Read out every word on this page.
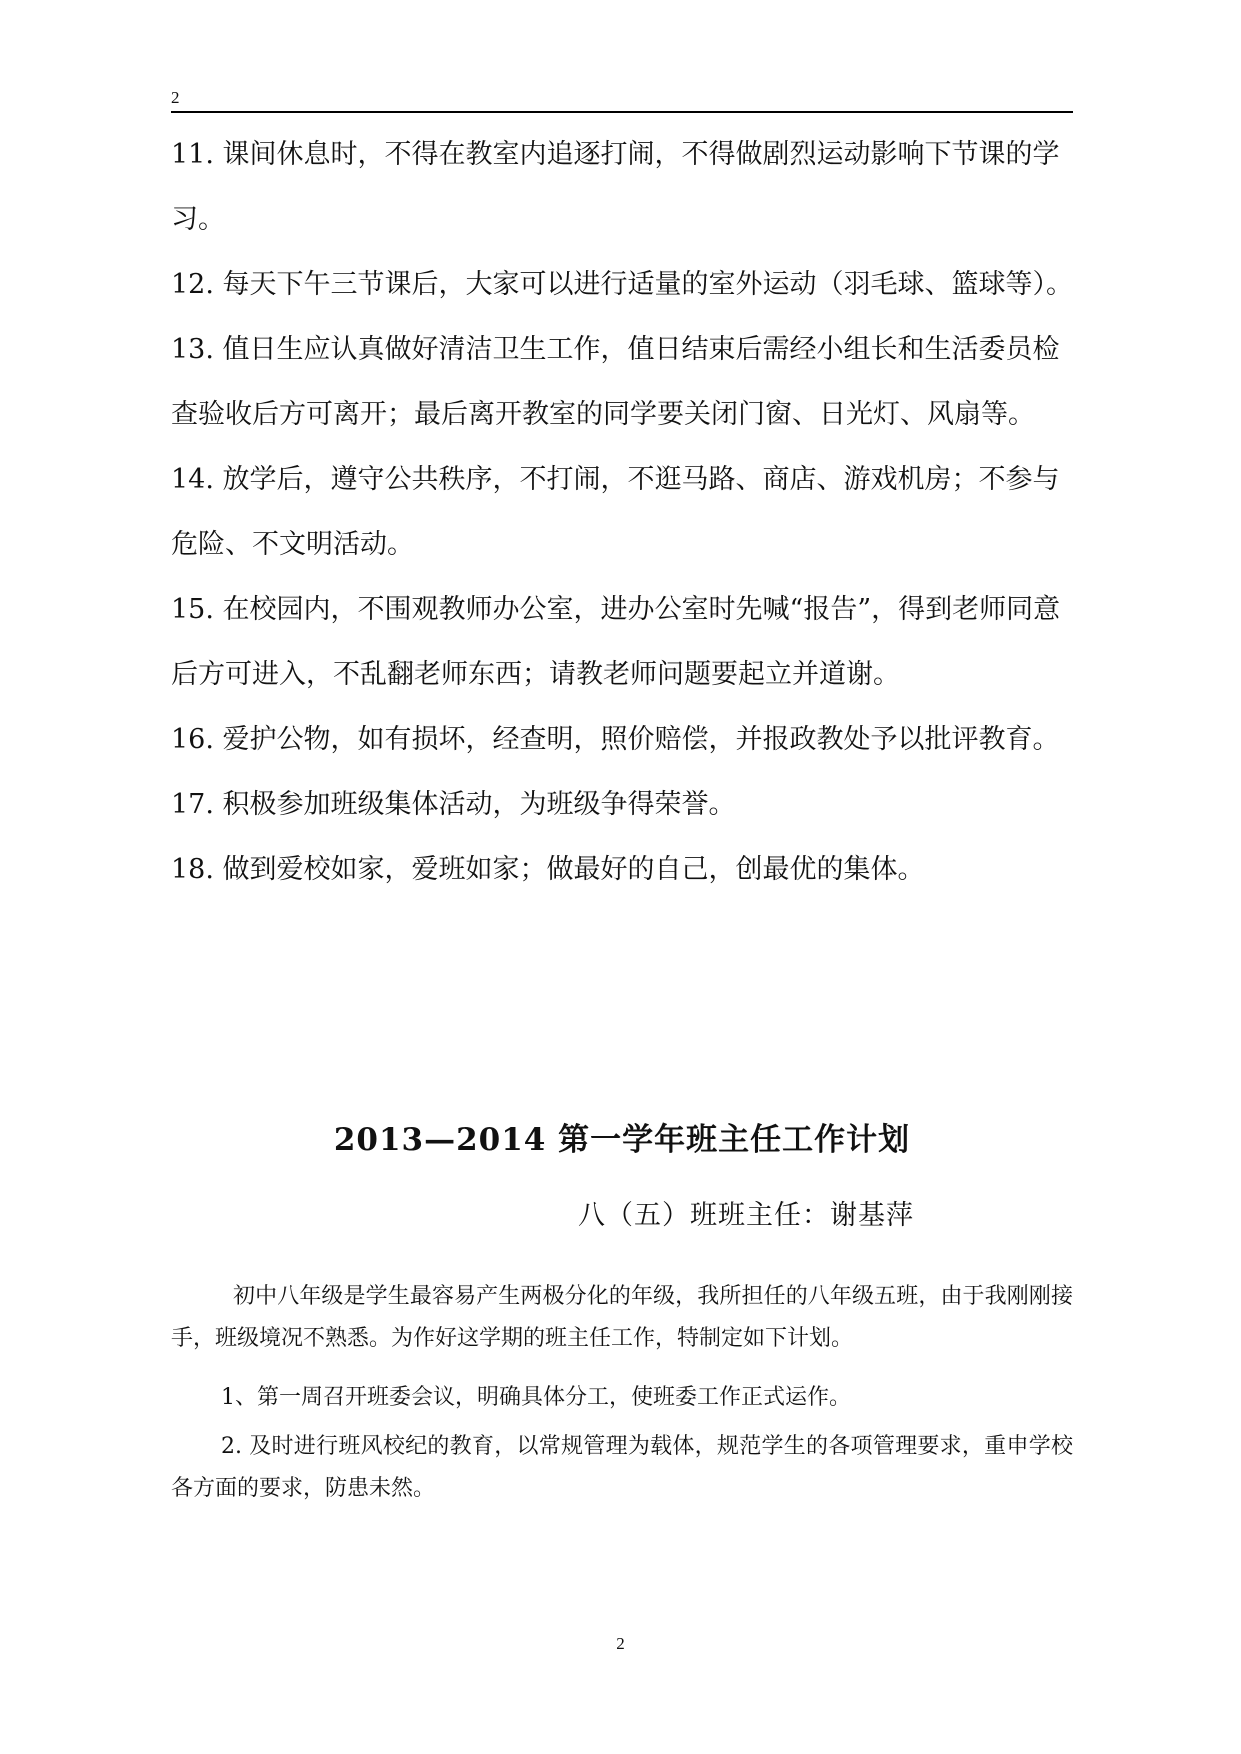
2

11. 课间休息时，不得在教室内追逐打闹，不得做剧烈运动影响下节课的学习。

12. 每天下午三节课后，大家可以进行适量的室外运动（羽毛球、篮球等）。

13. 值日生应认真做好清洁卫生工作，值日结束后需经小组长和生活委员检查验收后方可离开；最后离开教室的同学要关闭门窗、日光灯、风扇等。

14. 放学后，遵守公共秩序，不打闹，不逛马路、商店、游戏机房；不参与危险、不文明活动。

15. 在校园内，不围观教师办公室，进办公室时先喊“报告”，得到老师同意后方可进入，不乱翻老师东西；请教老师问题要起立并道谢。

16. 爱护公物，如有损坏，经查明，照价赔偿，并报政教处予以批评教育。

17. 积极参加班级集体活动，为班级争得荣誉。

18. 做到爱校如家，爱班如家；做最好的自己，创最优的集体。

2013—2014 第一学年班主任工作计划
八（五）班班主任：谢基萍

初中八年级是学生最容易产生两极分化的年级，我所担任的八年级五班，由于我刚刚接手，班级境况不熟悉。为作好这学期的班主任工作，特制定如下计划。

1、第一周召开班委会议，明确具体分工，使班委工作正式运作。

2. 及时进行班风校纪的教育，以常规管理为载体，规范学生的各项管理要求，重申学校各方面的要求，防患未然。

2
